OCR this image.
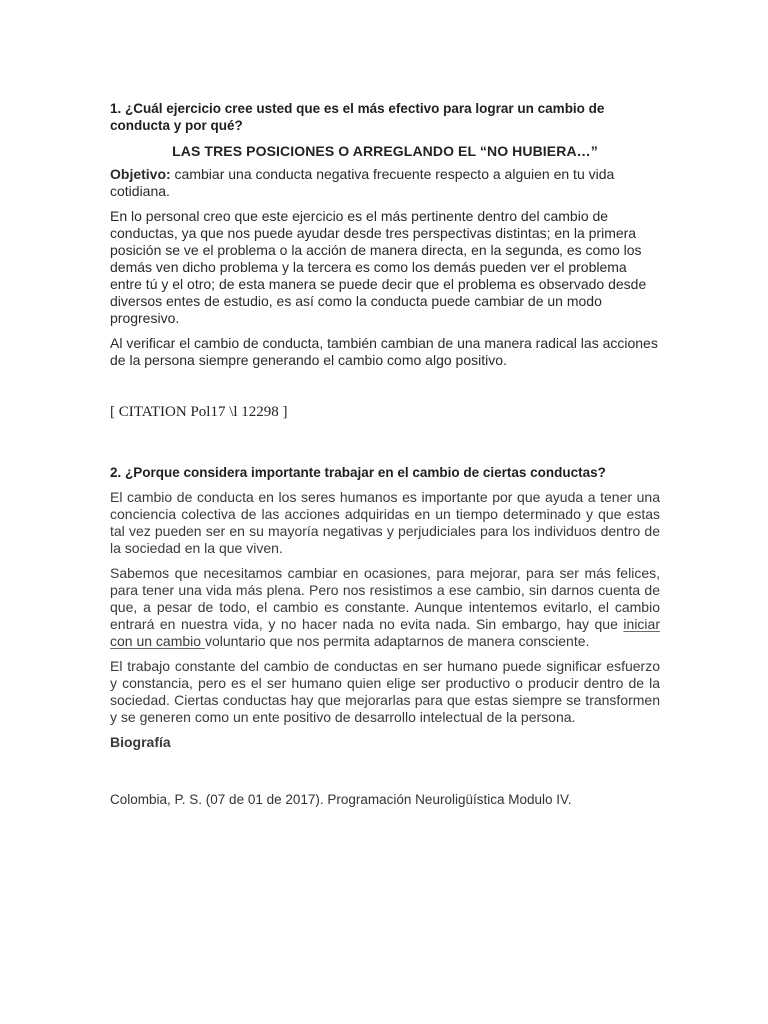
1. ¿Cuál ejercicio cree usted que es el más efectivo para lograr un cambio de conducta y por qué?

LAS TRES POSICIONES O ARREGLANDO EL “NO HUBIERA…”

Objetivo: cambiar una conducta negativa frecuente respecto a alguien en tu vida cotidiana.

En lo personal creo que este ejercicio es el más pertinente dentro del cambio de conductas, ya que nos puede ayudar desde tres perspectivas distintas; en la primera posición se ve el problema o la acción de manera directa, en la segunda, es como los demás ven dicho problema y la tercera es como los demás pueden ver el problema entre tú y el otro; de esta manera se puede decir que el problema es observado desde diversos entes de estudio, es así como la conducta puede cambiar de un modo progresivo.

Al verificar el cambio de conducta, también cambian de una manera radical las acciones de la persona siempre generando el cambio como algo positivo.

[ CITATION Pol17 \l 12298 ]

2. ¿Porque considera importante trabajar en el cambio de ciertas conductas?

El cambio de conducta en los seres humanos es importante por que ayuda a tener una conciencia colectiva de las acciones adquiridas en un tiempo determinado y que estas tal vez pueden ser en su mayoría negativas y perjudiciales para los individuos dentro de la sociedad en la que viven.

Sabemos que necesitamos cambiar en ocasiones, para mejorar, para ser más felices, para tener una vida más plena. Pero nos resistimos a ese cambio, sin darnos cuenta de que, a pesar de todo, el cambio es constante. Aunque intentemos evitarlo, el cambio entrará en nuestra vida, y no hacer nada no evita nada. Sin embargo, hay que iniciar con un cambio voluntario que nos permita adaptarnos de manera consciente.

El trabajo constante del cambio de conductas en ser humano puede significar esfuerzo y constancia, pero es el ser humano quien elige ser productivo o producir dentro de la sociedad. Ciertas conductas hay que mejorarlas para que estas siempre se transformen y se generen como un ente positivo de desarrollo intelectual de la persona.

Biografía

Colombia, P. S. (07 de 01 de 2017). Programación Neuroligüística Modulo IV.
